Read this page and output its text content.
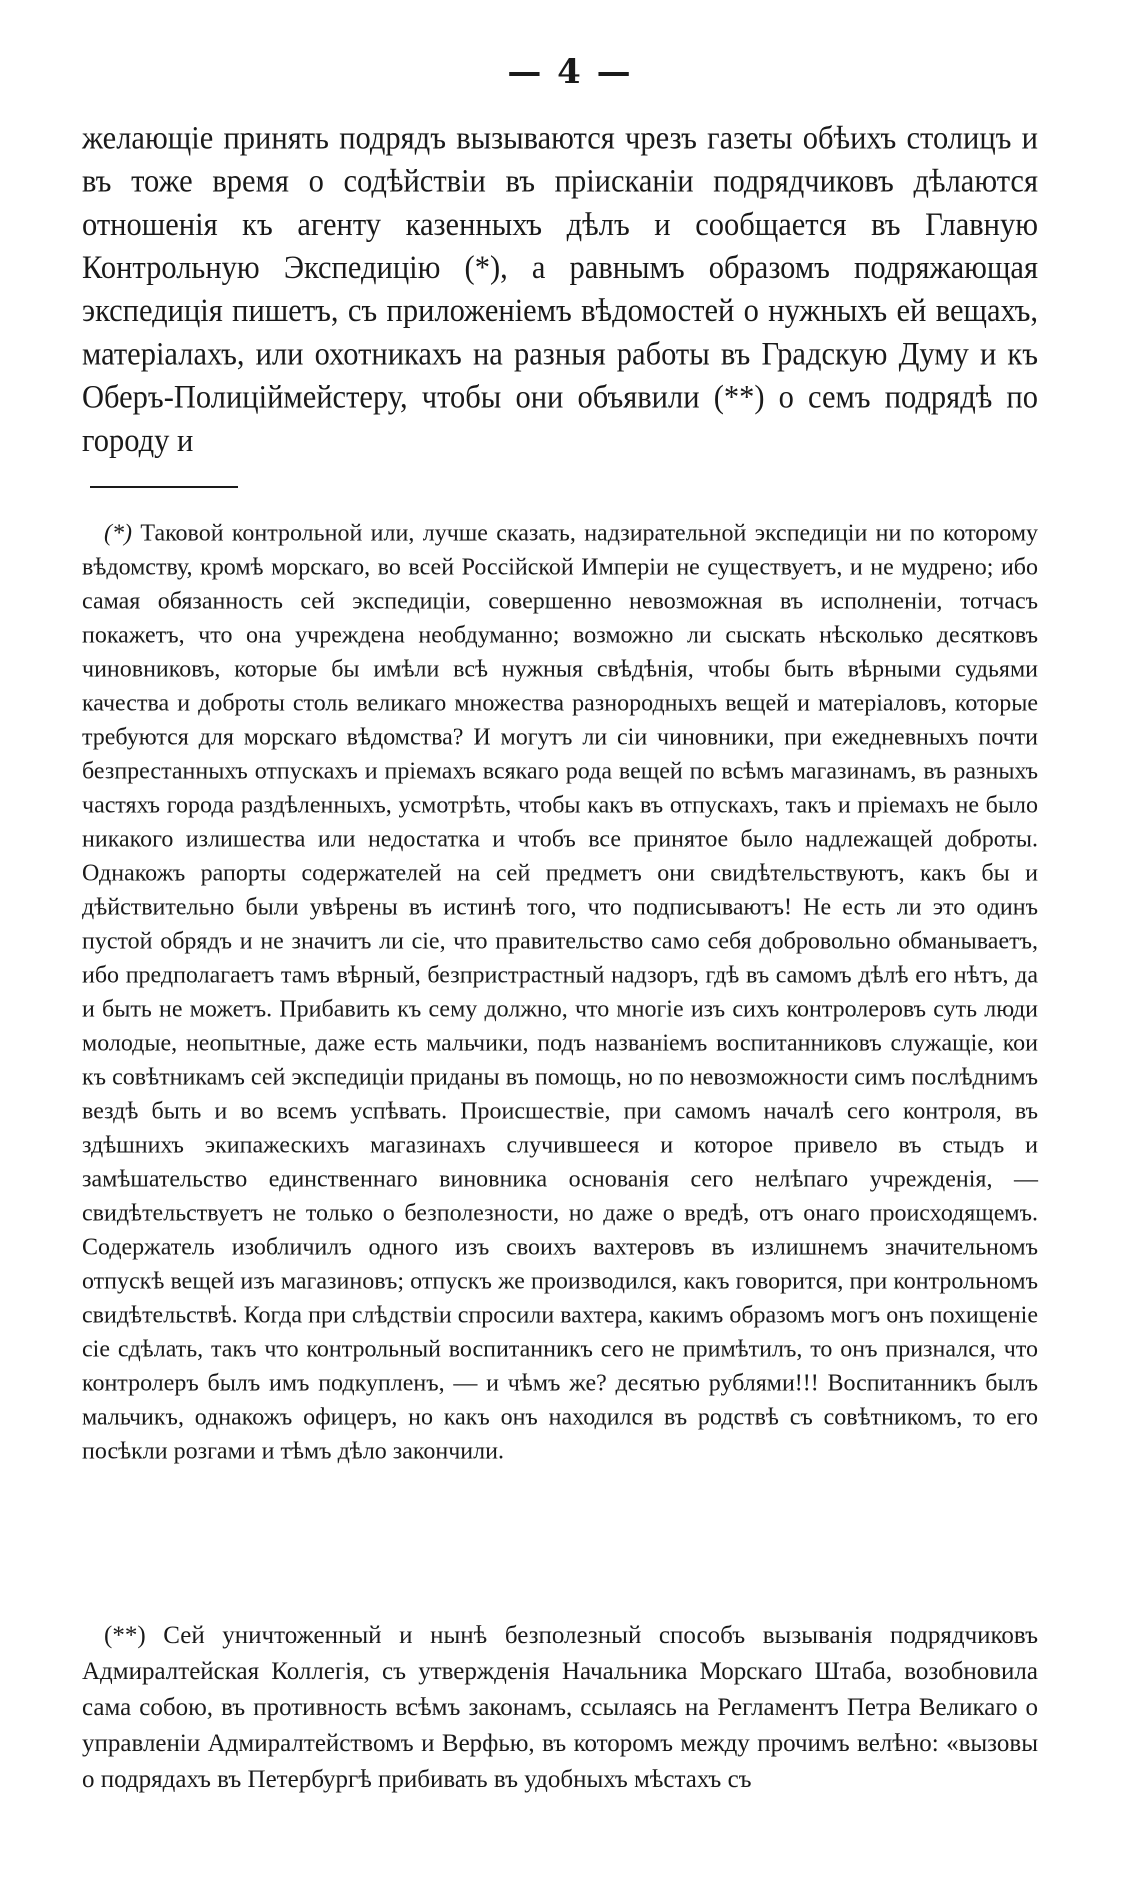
— 4 —
желающіе принять подрядъ вызываются чрезъ газеты обѣихъ столицъ и въ тоже время о содѣйствіи въ прiисканіи подрядчиковъ дѣлаются отношенія къ агенту казенныхъ дѣлъ и сообщается въ Главную Контрольную Экспедицію (*), а равнымъ образомъ подряжающая экспедиція пишетъ, съ приложеніемъ вѣдомостей о нужныхъ ей вещахъ, матеріалахъ, или охотникахъ на разныя работы въ Градскую Думу и къ Оберъ-Полицiймейстеру, чтобы они объявили (**) о семъ подрядѣ по городу и
(*) Таковой контрольной или, лучше сказать, надзирательной экспедиціи ни по которому вѣдомству, кромѣ морскаго, во всей Россійской Имперіи не существуетъ, и не мудрено; ибо самая обязанность сей экспедиціи, совершенно невозможная въ исполненіи, тотчасъ покажетъ, что она учреждена необдуманно; возможно ли сыскать нѣсколько десятковъ чиновниковъ, которые бы имѣли всѣ нужныя свѣдѣнія, чтобы быть вѣрными судьями качества и доброты столь великаго множества разнородныхъ вещей и матеріаловъ, которые требуются для морскаго вѣдомства? И могутъ ли сіи чиновники, при ежедневныхъ почти безпрестанныхъ отпускахъ и пріемахъ всякаго рода вещей по всѣмъ магазинамъ, въ разныхъ частяхъ города раздѣленныхъ, усмотрѣть, чтобы какъ въ отпускахъ, такъ и пріемахъ не было никакого излишества или недостатка и чтобъ все принятое было надлежащей доброты. Однакожъ рапорты содержателей на сей предметъ они свидѣтельствуютъ, какъ бы и дѣйствительно были увѣрены въ истинѣ того, что подписываютъ! Не есть ли это одинъ пустой обрядъ и не значитъ ли сіе, что правительство само себя добровольно обманываетъ, ибо предполагаетъ тамъ вѣрный, безпристрастный надзоръ, гдѣ въ самомъ дѣлѣ его нѣтъ, да и быть не можетъ. Прибавить къ сему должно, что многіе изъ сихъ контролеровъ суть люди молодые, неопытные, даже есть мальчики, подъ названіемъ воспитанниковъ служащіе, кои къ совѣтникамъ сей экспедиціи приданы въ помощь, но по невозможности симъ послѣднимъ вездѣ быть и во всемъ успѣвать. Происшествіе, при самомъ началѣ сего контроля, въ здѣшнихъ экипажескихъ магазинахъ случившееся и которое привело въ стыдъ и замѣшательство единственнаго виновника основанія сего нелѣпаго учрежденія, — свидѣтельствуетъ не только о безполезности, но даже о вредѣ, отъ онаго происходящемъ. Содержатель изобличилъ одного изъ своихъ вахтеровъ въ излишнемъ значительномъ отпускѣ вещей изъ магазиновъ; отпускъ же производился, какъ говорится, при контрольномъ свидѣтельствѣ. Когда при слѣдствіи спросили вахтера, какимъ образомъ могъ онъ похищеніе сіе сдѣлать, такъ что контрольный воспитанникъ сего не примѣтилъ, то онъ признался, что контролеръ былъ имъ подкупленъ, — и чѣмъ же? десятью рублями!!! Воспитанникъ былъ мальчикъ, однакожъ офицеръ, но какъ онъ находился въ родствѣ съ совѣтникомъ, то его посѣкли розгами и тѣмъ дѣло закончили.
(**) Сей уничтоженный и нынѣ безполезный способъ вызыванія подрядчиковъ Адмиралтейская Коллегія, съ утвержденія Начальника Морскаго Штаба, возобновила сама собою, въ противность всѣмъ законамъ, ссылаясь на Регламентъ Петра Великаго о управленіи Адмиралтействомъ и Верфью, въ которомъ между прочимъ велѣно: «вызовы о подрядахъ въ Петербургѣ прибивать въ удобныхъ мѣстахъ съ
